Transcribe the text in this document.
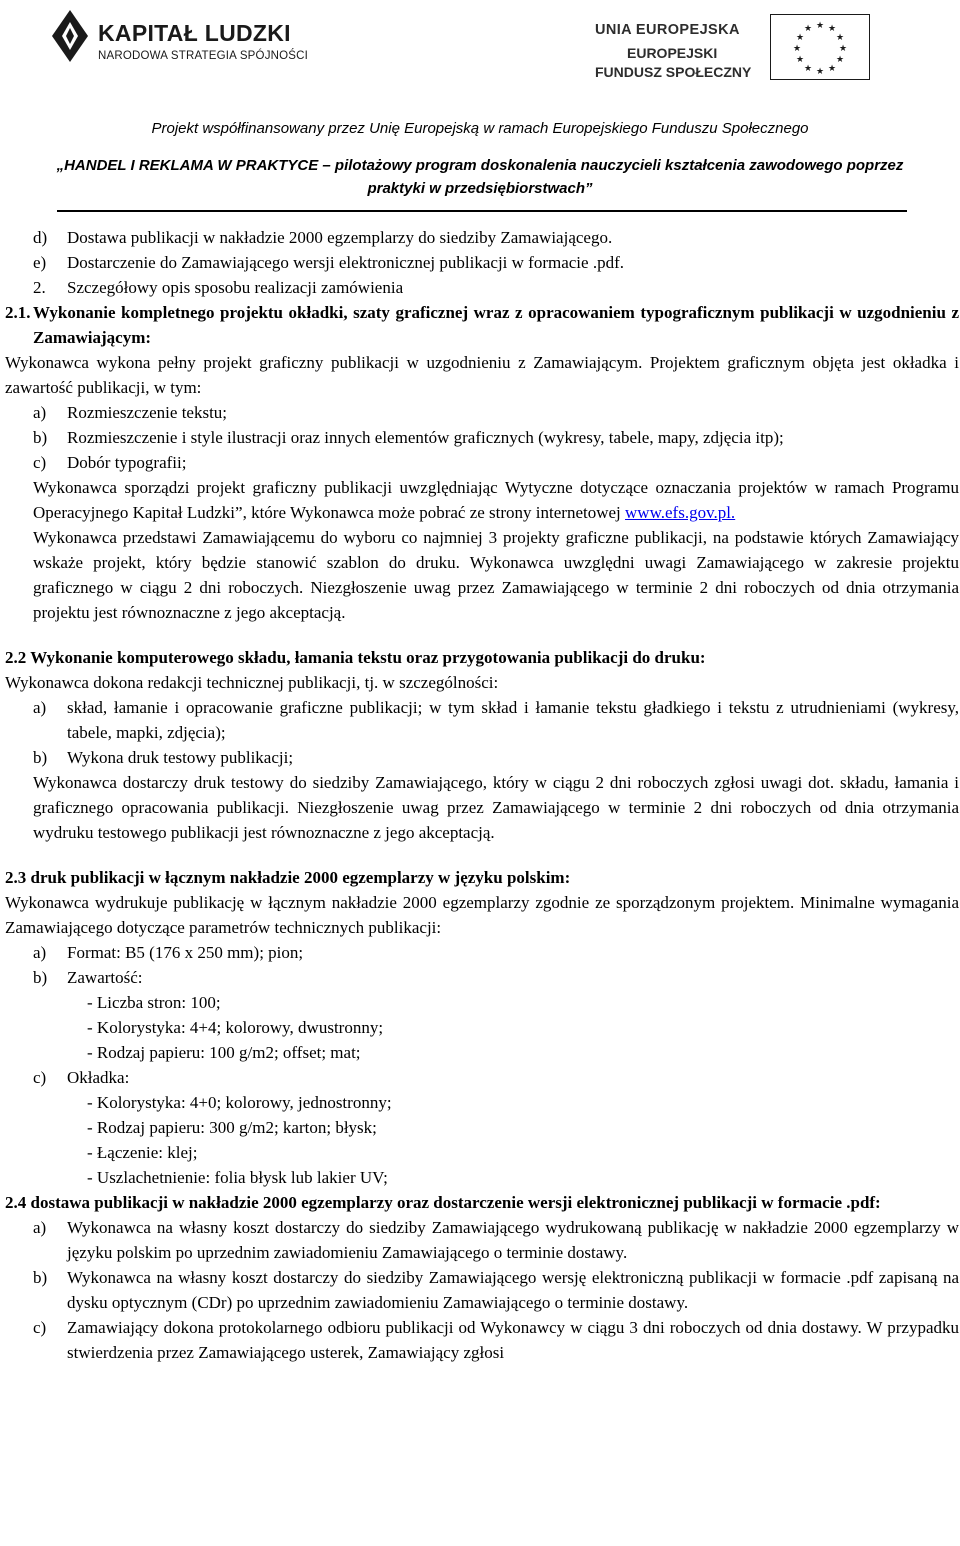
KAPITAŁ LUDZKI
NARODOWA STRATEGIA SPÓJNOŚCI
UNIA EUROPEJSKA
EUROPEJSKI
FUNDUSZ SPOŁECZNY
★ ★
★
★
★
★
★
★
★
★
★
★
Projekt współfinansowany przez Unię Europejską w ramach Europejskiego Funduszu Społecznego
„HANDEL I REKLAMA W PRAKTYCE – pilotażowy program doskonalenia nauczycieli kształcenia zawodowego poprzez
praktyki w przedsiębiorstwach”

d) Dostawa publikacji w nakładzie 2000 egzemplarzy do siedziby Zamawiającego.

e) Dostarczenie do Zamawiającego wersji elektronicznej publikacji w formacie .pdf.

2. Szczegółowy opis sposobu realizacji zamówienia

2.1. Wykonanie kompletnego projektu okładki, szaty graficznej wraz z opracowaniem typograficznym publikacji w uzgodnieniu z Zamawiającym:

Wykonawca wykona pełny projekt graficzny publikacji w uzgodnieniu z Zamawiającym. Projektem graficznym objęta jest okładka i zawartość publikacji, w tym:

a) Rozmieszczenie tekstu;

b) Rozmieszczenie i style ilustracji oraz innych elementów graficznych (wykresy, tabele, mapy, zdjęcia itp);

c) Dobór typografii;

Wykonawca sporządzi projekt graficzny publikacji uwzględniając Wytyczne dotyczące oznaczania projektów w ramach Programu Operacyjnego Kapitał Ludzki”, które Wykonawca może pobrać ze strony internetowej www.efs.gov.pl.

Wykonawca przedstawi Zamawiającemu do wyboru co najmniej 3 projekty graficzne publikacji, na podstawie których Zamawiający wskaże projekt, który będzie stanowić szablon do druku. Wykonawca uwzględni uwagi Zamawiającego w zakresie projektu graficznego w ciągu 2 dni roboczych. Niezgłoszenie uwag przez Zamawiającego w terminie 2 dni roboczych od dnia otrzymania projektu jest równoznaczne z jego akceptacją.

2.2 Wykonanie komputerowego składu, łamania tekstu oraz przygotowania publikacji do druku:

Wykonawca dokona redakcji technicznej publikacji, tj. w szczególności:

a) skład, łamanie i opracowanie graficzne publikacji; w tym skład i łamanie tekstu gładkiego i tekstu z utrudnieniami (wykresy, tabele, mapki, zdjęcia);

b) Wykona druk testowy publikacji;

Wykonawca dostarczy druk testowy do siedziby Zamawiającego, który w ciągu 2 dni roboczych zgłosi uwagi dot. składu, łamania i graficznego opracowania publikacji. Niezgłoszenie uwag przez Zamawiającego w terminie 2 dni roboczych od dnia otrzymania wydruku testowego publikacji jest równoznaczne z jego akceptacją.

2.3 druk publikacji w łącznym nakładzie 2000 egzemplarzy w języku polskim:

Wykonawca wydrukuje publikację w łącznym nakładzie 2000 egzemplarzy zgodnie ze sporządzonym projektem. Minimalne wymagania Zamawiającego dotyczące parametrów technicznych publikacji:

a) Format: B5 (176 x 250 mm); pion;

b) Zawartość:

- Liczba stron: 100;

- Kolorystyka: 4+4; kolorowy, dwustronny;

- Rodzaj papieru: 100 g/m2; offset; mat;

c) Okładka:

- Kolorystyka: 4+0; kolorowy, jednostronny;

- Rodzaj papieru: 300 g/m2; karton; błysk;

- Łączenie: klej;

- Uszlachetnienie: folia błysk lub lakier UV;

2.4 dostawa publikacji w nakładzie 2000 egzemplarzy oraz dostarczenie wersji elektronicznej publikacji w formacie .pdf:

a) Wykonawca na własny koszt dostarczy do siedziby Zamawiającego wydrukowaną publikację w nakładzie 2000 egzemplarzy w języku polskim po uprzednim zawiadomieniu Zamawiającego o terminie dostawy.

b) Wykonawca na własny koszt dostarczy do siedziby Zamawiającego wersję elektroniczną publikacji w formacie .pdf zapisaną na dysku optycznym (CDr) po uprzednim zawiadomieniu Zamawiającego o terminie dostawy.

c) Zamawiający dokona protokolarnego odbioru publikacji od Wykonawcy w ciągu 3 dni roboczych od dnia dostawy. W przypadku stwierdzenia przez Zamawiającego usterek, Zamawiający zgłosi
